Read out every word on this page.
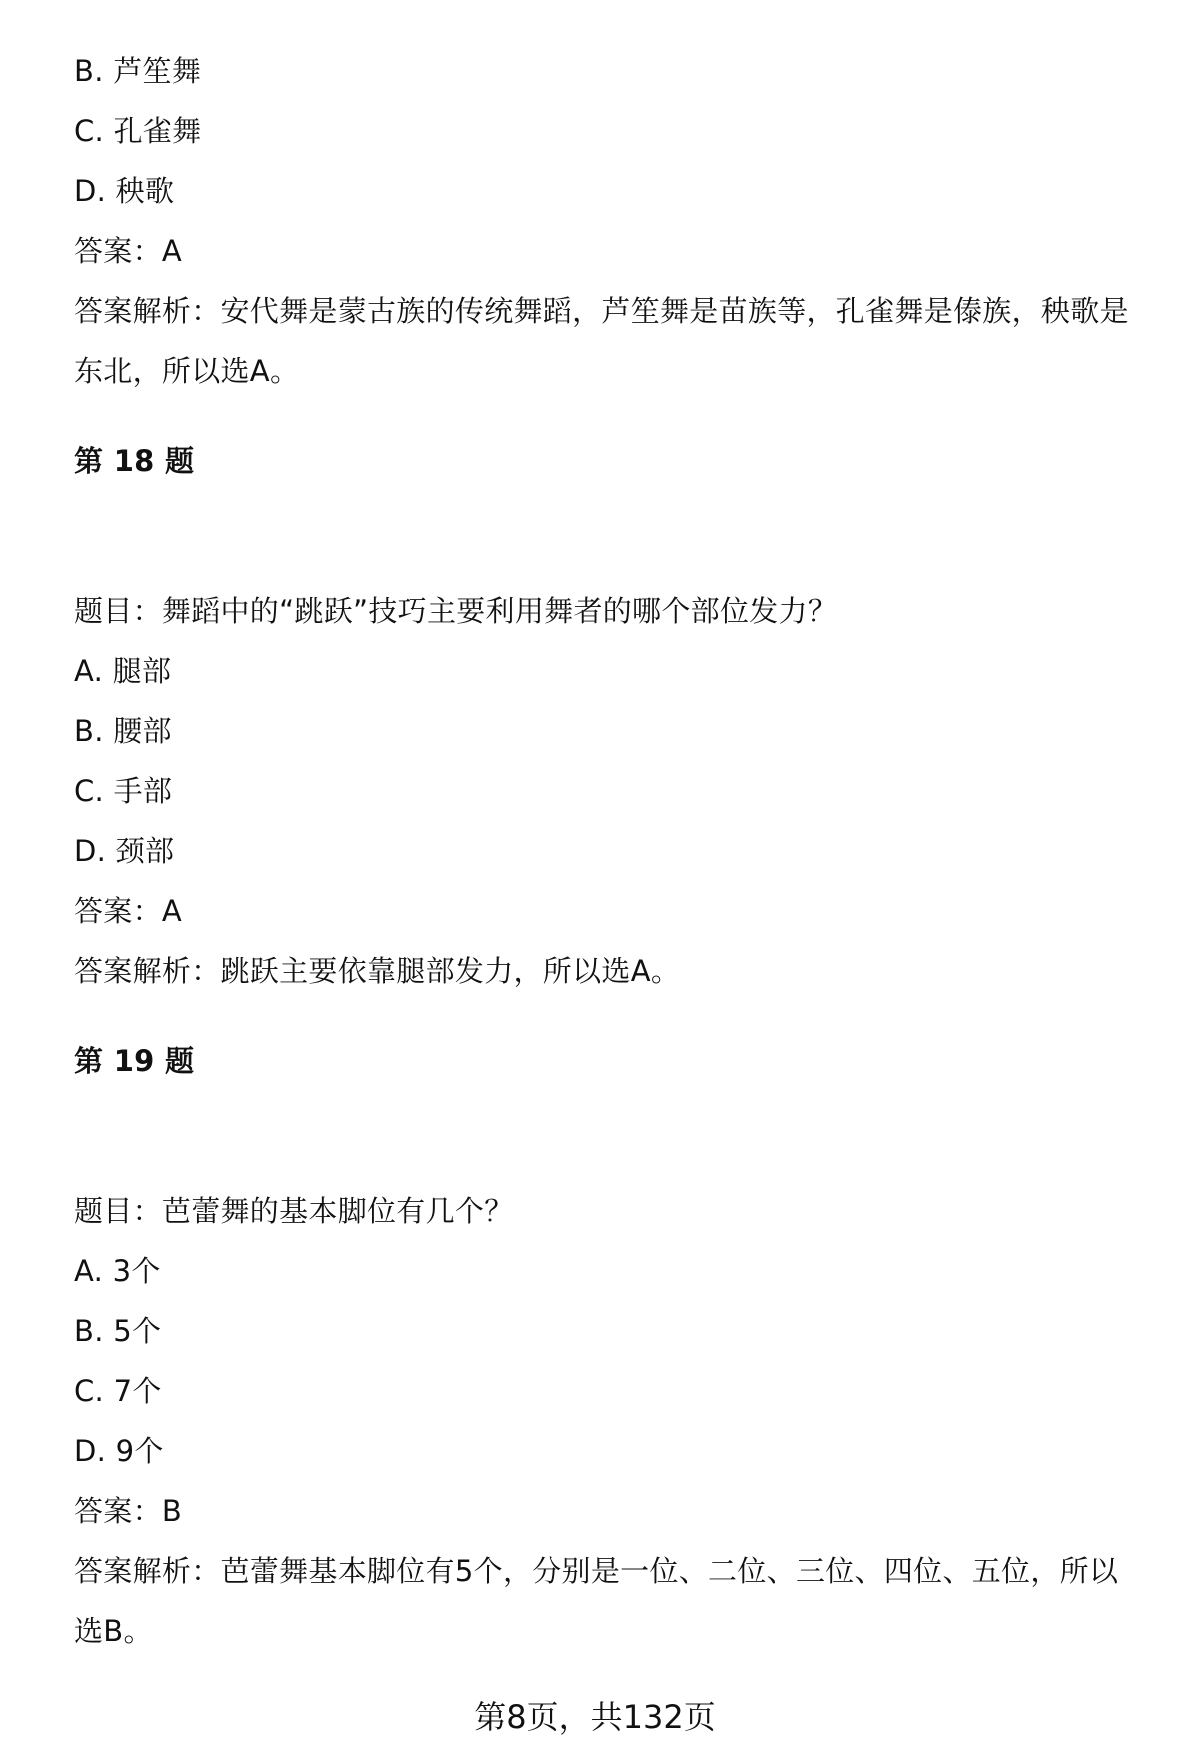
B. 芦笙舞
C. 孔雀舞
D. 秧歌
答案：A
答案解析：安代舞是蒙古族的传统舞蹈，芦笙舞是苗族等，孔雀舞是傣族，秧歌是
东北，所以选A。
第 18 题
题目：舞蹈中的“跳跃”技巧主要利用舞者的哪个部位发力？
A. 腿部
B. 腰部
C. 手部
D. 颈部
答案：A
答案解析：跳跃主要依靠腿部发力，所以选A。
第 19 题
题目：芭蕾舞的基本脚位有几个？
A. 3个
B. 5个
C. 7个
D. 9个
答案：B
答案解析：芭蕾舞基本脚位有5个，分别是一位、二位、三位、四位、五位，所以
选B。
第8页，共132页
